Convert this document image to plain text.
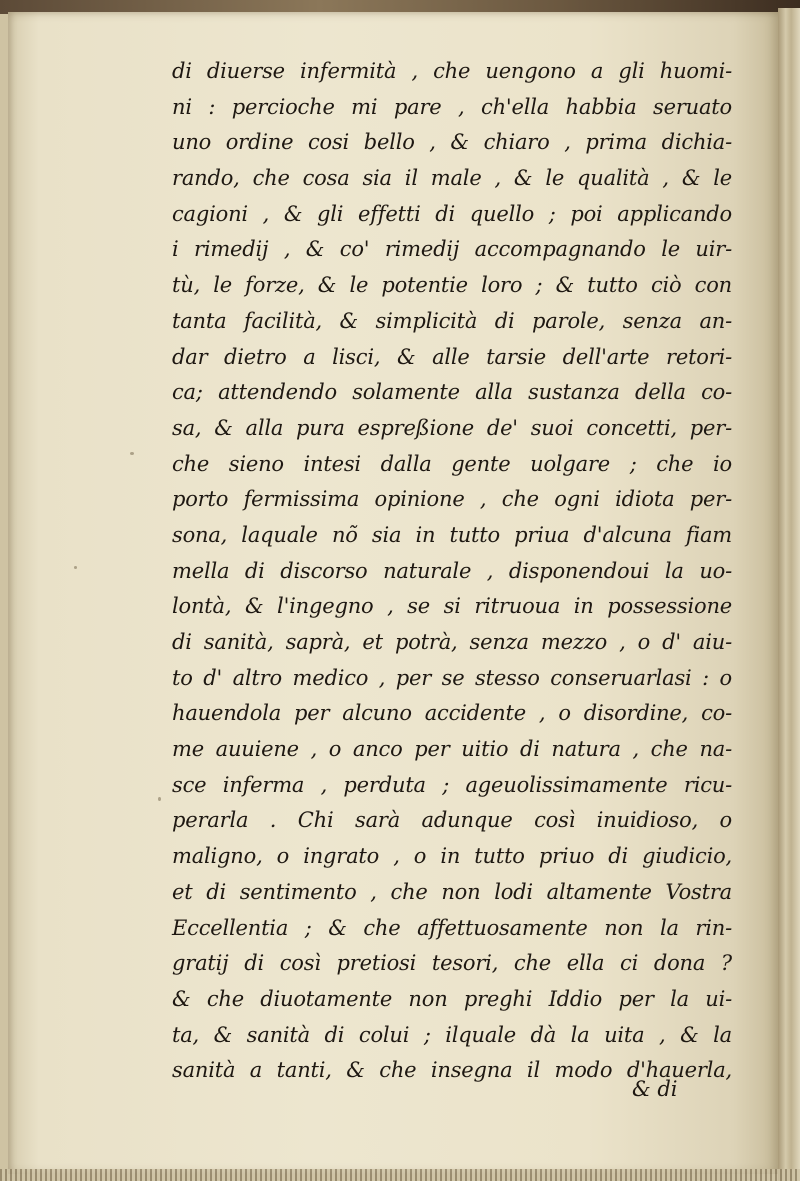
di diuerse infermità , che uengono a gli huomi-
ni : percioche mi pare , ch'ella habbia seruato
uno ordine cosi bello , & chiaro , prima dichia-
rando, che cosa sia il male , & le qualità , & le
cagioni , & gli effetti di quello ; poi applicando
i rimedij , & co' rimedij accompagnando le uir-
tù, le forze, & le potentie loro ; & tutto ciò con
tanta facilità, & simplicità di parole, senza an-
dar dietro a lisci, & alle tarsie dell'arte retori-
ca; attendendo solamente alla sustanza della co-
sa, & alla pura espreßione de' suoi concetti, per-
che sieno intesi dalla gente uolgare ; che io
porto fermissima opinione , che ogni idiota per-
sona, laquale nõ sia in tutto priua d'alcuna fiam
mella di discorso naturale , disponendoui la uo-
lontà, & l'ingegno , se si ritruoua in possessione
di sanità, saprà, et potrà, senza mezzo , o d' aiu-
to d' altro medico , per se stesso conseruarlasi : o
hauendola per alcuno accidente , o disordine, co-
me auuiene , o anco per uitio di natura , che na-
sce inferma , perduta ; ageuolissimamente ricu-
perarla . Chi sarà adunque così inuidioso, o
maligno, o ingrato , o in tutto priuo di giudicio,
et di sentimento , che non lodi altamente Vostra
Eccellentia ; & che affettuosamente non la rin-
gratij di così pretiosi tesori, che ella ci dona ?
& che diuotamente non preghi Iddio per la ui-
ta, & sanità di colui ; ilquale dà la uita , & la
sanità a tanti, & che insegna il modo d'hauerla,
& di
